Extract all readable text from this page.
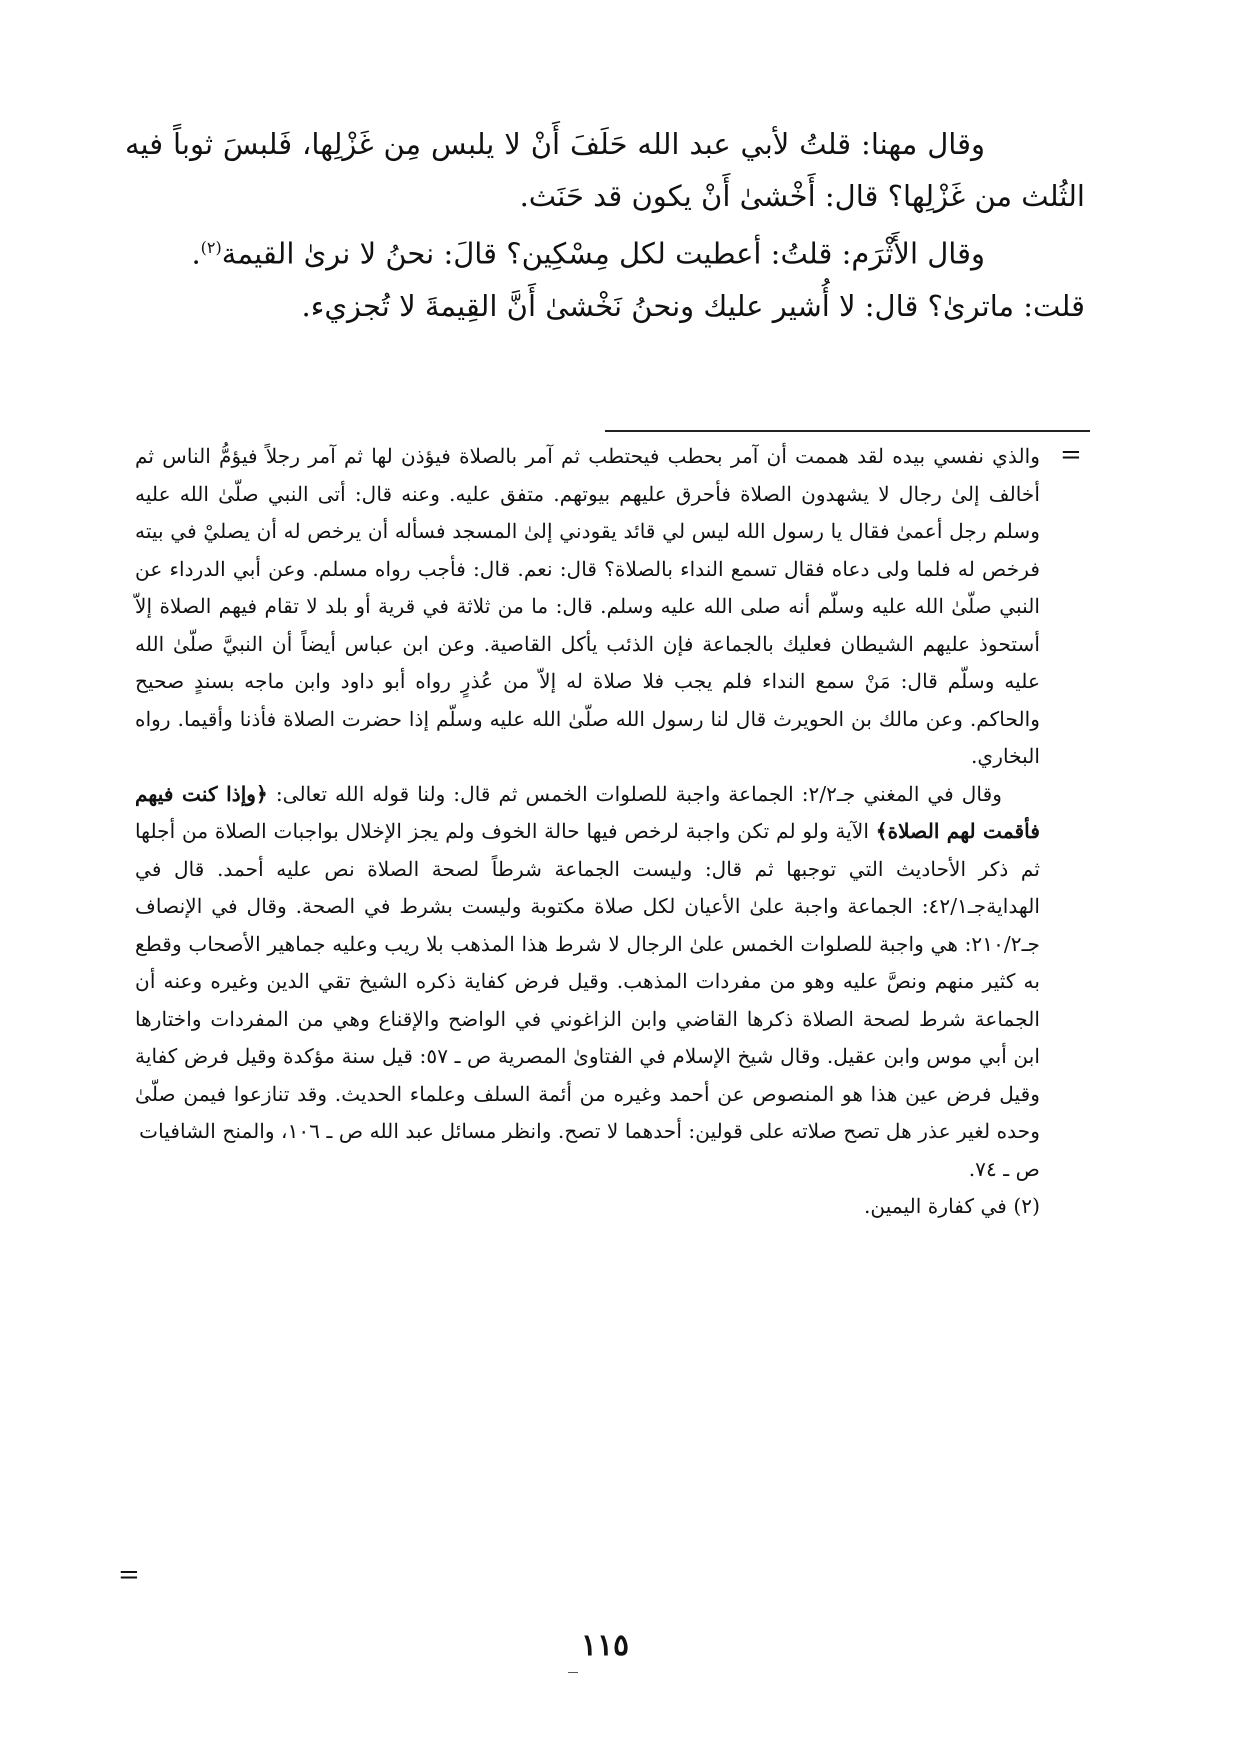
وقال مهنا: قلتُ لأبي عبد الله حَلَفَ أَنْ لا يلبس مِن غَزْلِها، فَلبسَ ثوباً فيه الثُلث من غَزْلِها؟ قال: أَخْشىٰ أَنْ يكون قد حَنَث.

وقال الأَثْرَم: قلتُ: أعطيت لكل مِسْكِين؟ قالَ: نحنُ لا نرىٰ القيمة$^{(٢)}$. قلت: ماترىٰ؟ قال: لا أُشير عليك ونحنُ نَخْشىٰ أَنَّ القِيمةَ لا تُجزيء.

=

والذي نفسي بيده لقد هممت أن آمر بحطب فيحتطب ثم آمر بالصلاة فيؤذن لها ثم آمر رجلاً فيؤمُّ الناس ثم أخالف إلىٰ رجال لا يشهدون الصلاة فأحرق عليهم بيوتهم. متفق عليه. وعنه قال: أتى النبي صلّىٰ الله عليه وسلم رجل أعمىٰ فقال يا رسول الله ليس لي قائد يقودني إلىٰ المسجد فسأله أن يرخص له أن يصليْ في بيته فرخص له فلما ولى دعاه فقال تسمع النداء بالصلاة؟ قال: نعم. قال: فأجب رواه مسلم. وعن أبي الدرداء عن النبي صلّىٰ الله عليه وسلّم أنه صلى الله عليه وسلم. قال: ما من ثلاثة في قرية أو بلد لا تقام فيهم الصلاة إلاّ أستحوذ عليهم الشيطان فعليك بالجماعة فإن الذئب يأكل القاصية. وعن ابن عباس أيضاً أن النبيَّ صلّىٰ الله عليه وسلّم قال: مَنْ سمع النداء فلم يجب فلا صلاة له إلاّ من عُذرٍ رواه أبو داود وابن ماجه بسندٍ صحيح والحاكم. وعن مالك بن الحويرث قال لنا رسول الله صلّىٰ الله عليه وسلّم إذا حضرت الصلاة فأذنا وأقيما. رواه البخاري.

وقال في المغني جـ٢/٢: الجماعة واجبة للصلوات الخمس ثم قال: ولنا قوله الله تعالى: ﴿وإذا كنت فيهم فأقمت لهم الصلاة﴾ الآية ولو لم تكن واجبة لرخص فيها حالة الخوف ولم يجز الإخلال بواجبات الصلاة من أجلها ثم ذكر الأحاديث التي توجبها ثم قال: وليست الجماعة شرطاً لصحة الصلاة نص عليه أحمد. قال في الهدايةجـ٤٢/١: الجماعة واجبة علىٰ الأعيان لكل صلاة مكتوبة وليست بشرط في الصحة. وقال في الإنصاف جـ٢١٠/٢: هي واجبة للصلوات الخمس علىٰ الرجال لا شرط هذا المذهب بلا ريب وعليه جماهير الأصحاب وقطع به كثير منهم ونصَّ عليه وهو من مفردات المذهب. وقيل فرض كفاية ذكره الشيخ تقي الدين وغيره وعنه أن الجماعة شرط لصحة الصلاة ذكرها القاضي وابن الزاغوني في الواضح والإقناع وهي من المفردات واختارها ابن أبي موس وابن عقيل. وقال شيخ الإسلام في الفتاوىٰ المصرية ص ـ ٥٧: قيل سنة مؤكدة وقيل فرض كفاية وقيل فرض عين هذا هو المنصوص عن أحمد وغيره من أئمة السلف وعلماء الحديث. وقد تنازعوا فيمن صلّىٰ وحده لغير عذر هل تصح صلاته على قولين: أحدهما لا تصح. وانظر مسائل عبد الله ص ـ ١٠٦، والمنح الشافيات

ص ـ ٧٤.

(٢) في كفارة اليمين.

=
١١٥
